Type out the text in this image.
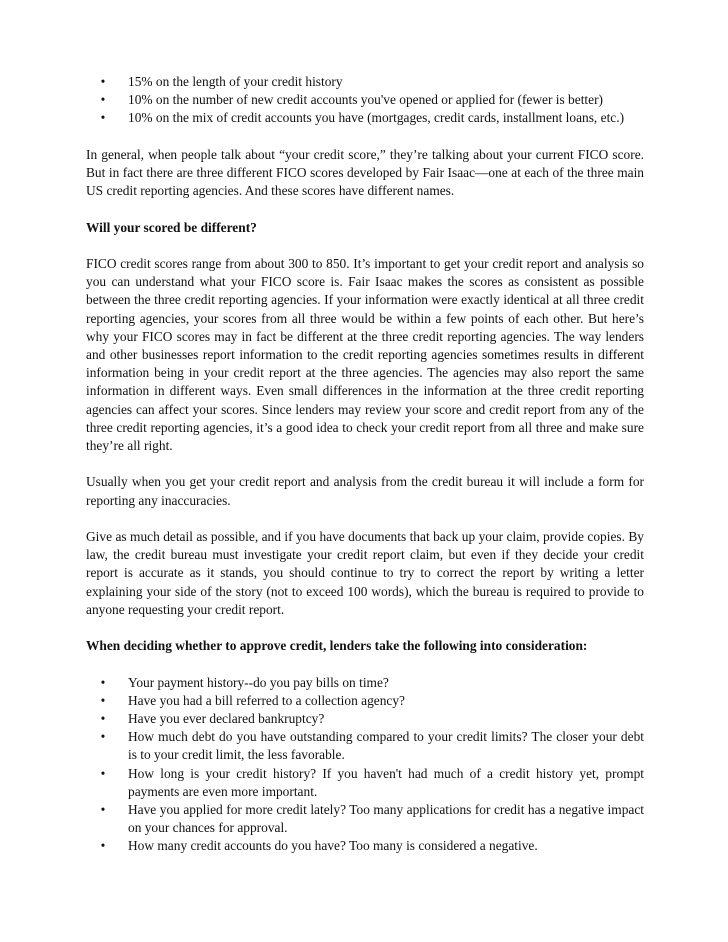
• 15% on the length of your credit history
• 10% on the number of new credit accounts you've opened or applied for (fewer is better)
• 10% on the mix of credit accounts you have (mortgages, credit cards, installment loans, etc.)

In general, when people talk about “your credit score,” they’re talking about your current FICO score. But in fact there are three different FICO scores developed by Fair Isaac—one at each of the three main US credit reporting agencies. And these scores have different names.

Will your scored be different?

FICO credit scores range from about 300 to 850. It’s important to get your credit report and analysis so you can understand what your FICO score is. Fair Isaac makes the scores as consistent as possible between the three credit reporting agencies. If your information were exactly identical at all three credit reporting agencies, your scores from all three would be within a few points of each other. But here’s why your FICO scores may in fact be different at the three credit reporting agencies. The way lenders and other businesses report information to the credit reporting agencies sometimes results in different information being in your credit report at the three agencies. The agencies may also report the same information in different ways. Even small differences in the information at the three credit reporting agencies can affect your scores. Since lenders may review your score and credit report from any of the three credit reporting agencies, it’s a good idea to check your credit report from all three and make sure they’re all right.

Usually when you get your credit report and analysis from the credit bureau it will include a form for reporting any inaccuracies.

Give as much detail as possible, and if you have documents that back up your claim, provide copies. By law, the credit bureau must investigate your credit report claim, but even if they decide your credit report is accurate as it stands, you should continue to try to correct the report by writing a letter explaining your side of the story (not to exceed 100 words), which the bureau is required to provide to anyone requesting your credit report.

When deciding whether to approve credit, lenders take the following into consideration:

• Your payment history--do you pay bills on time?
• Have you had a bill referred to a collection agency?
• Have you ever declared bankruptcy?
• How much debt do you have outstanding compared to your credit limits? The closer your debt is to your credit limit, the less favorable.
• How long is your credit history? If you haven't had much of a credit history yet, prompt payments are even more important.
• Have you applied for more credit lately? Too many applications for credit has a negative impact on your chances for approval.
• How many credit accounts do you have? Too many is considered a negative.
